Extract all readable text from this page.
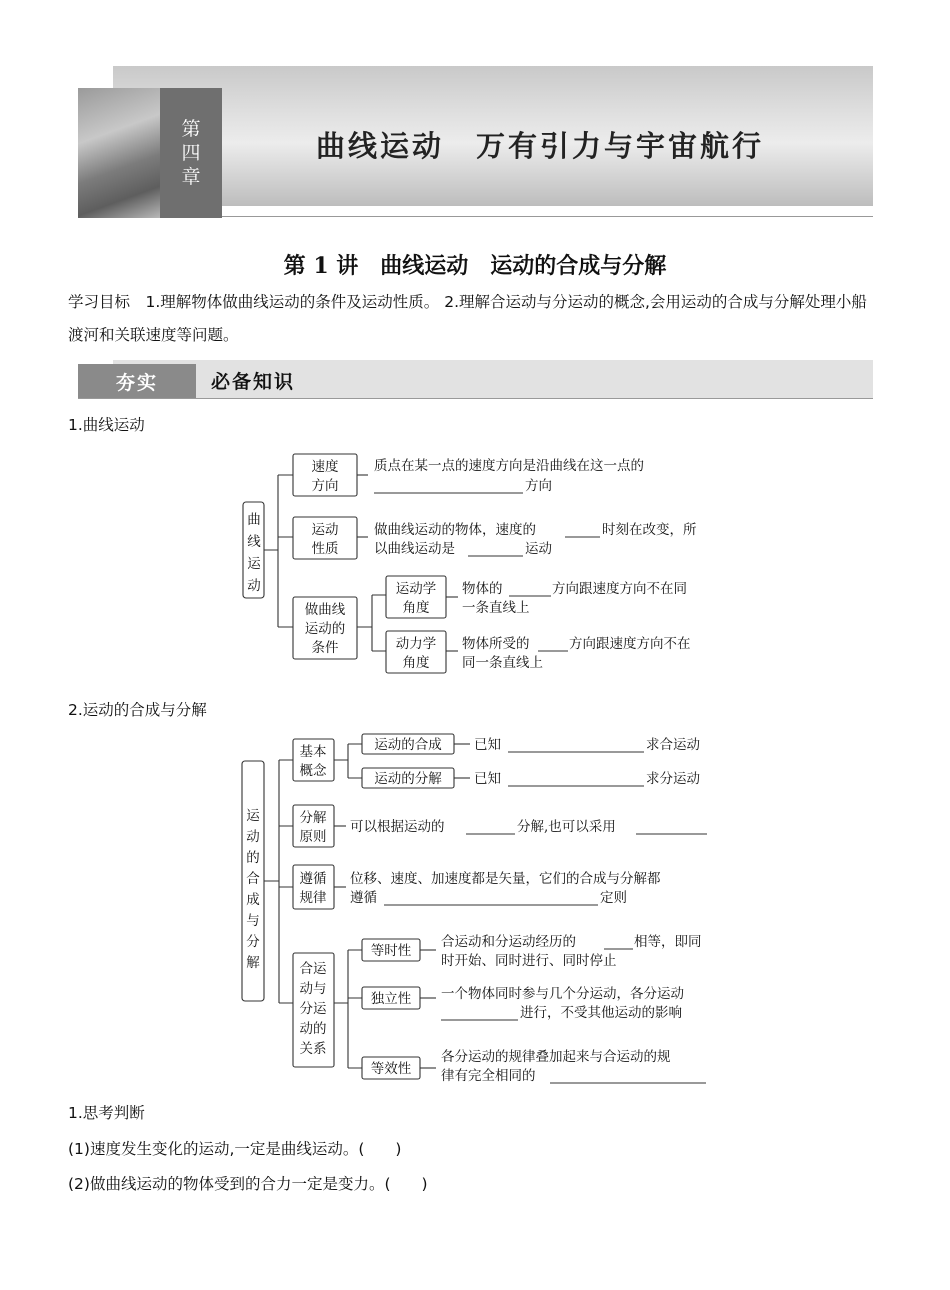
第
四
章
曲线运动　万有引力与宇宙航行
第 1 讲　曲线运动　运动的合成与分解
学习目标　1.理解物体做曲线运动的条件及运动性质。 2.理解合运动与分运动的概念,会用运动的合成与分解处理小船渡河和关联速度等问题。
夯实	必备知识
1.曲线运动
曲
线
运
动
速度
方向
质点在某一点的速度方向是沿曲线在这一点的
方向
运动
性质
做曲线运动的物体，速度的	时刻在改变，所
以曲线运动是	运动
做曲线
运动的
条件
运动学
角度
物体的	方向跟速度方向不在同
一条直线上
动力学
角度
物体所受的	方向跟速度方向不在
同一条直线上
2.运动的合成与分解
运
动
的
合
成
与
分
解
基本
概念
运动的合成 已知	求合运动
运动的分解 已知	求分运动
分解
原则
可以根据运动的	分解,也可以采用
遵循
规律
位移、速度、加速度都是矢量，它们的合成与分解都
遵循	定则
合运
动与
分运
动的
关系
等时性
合运动和分运动经历的	相等，即同
时开始、同时进行、同时停止
独立性 一个物体同时参与几个分运动，各分运动
进行，不受其他运动的影响
等效性
各分运动的规律叠加起来与合运动的规
律有完全相同的
1.思考判断
(1)速度发生变化的运动,一定是曲线运动。(　　)
(2)做曲线运动的物体受到的合力一定是变力。(　　)
